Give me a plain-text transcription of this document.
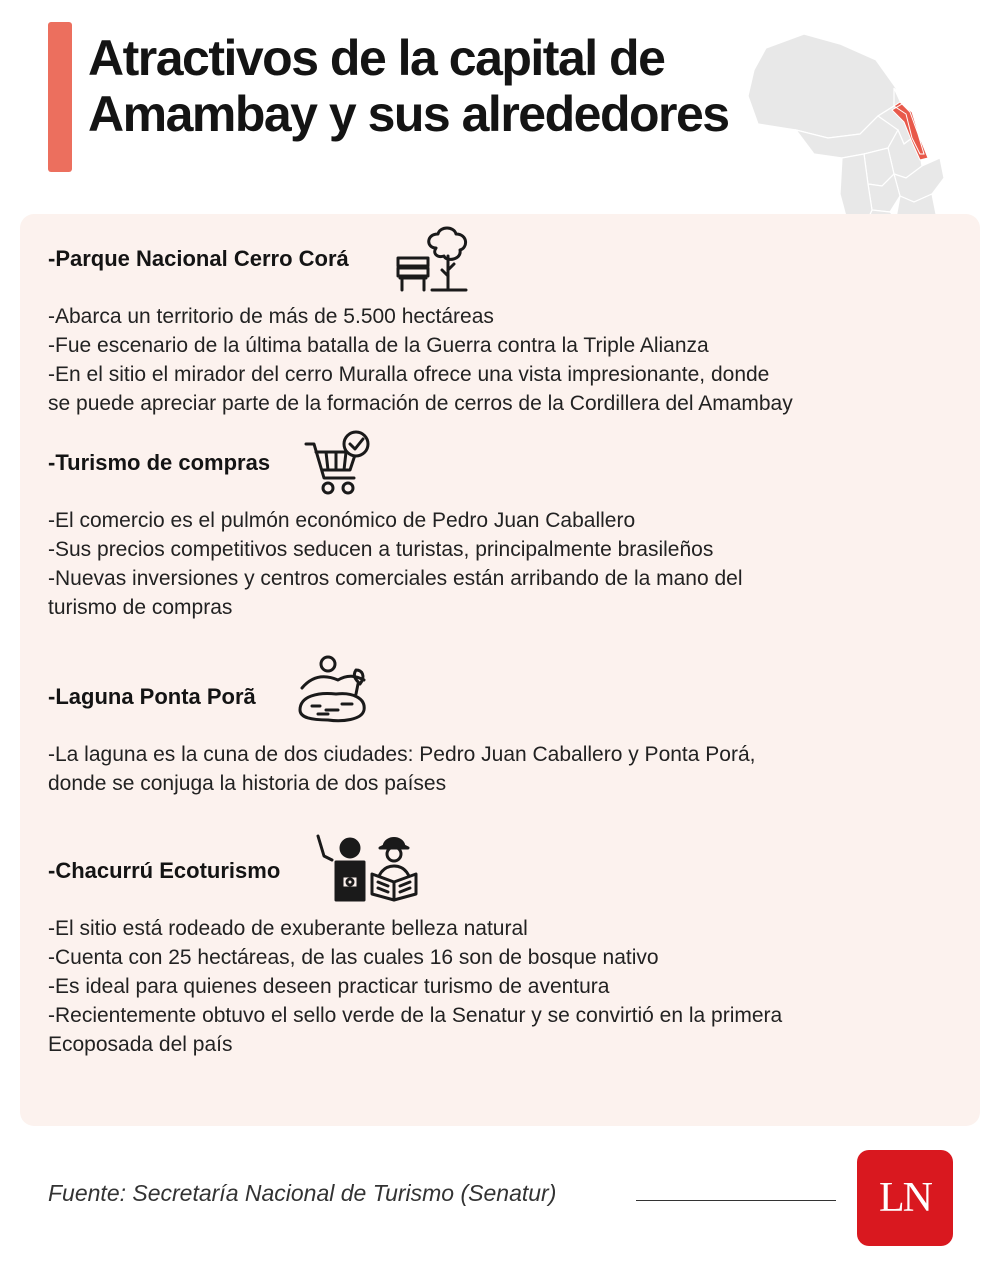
Atractivos de la capital de Amambay y sus alrededores
-Parque Nacional Cerro Corá
-Abarca un territorio de más de 5.500 hectáreas
-Fue escenario de la última batalla de la Guerra contra la Triple Alianza
-En el sitio el mirador del cerro Muralla ofrece una vista impresionante, donde
se puede apreciar parte de la formación de cerros de la Cordillera del Amambay
-Turismo de compras
-El comercio es el pulmón económico de Pedro Juan Caballero
-Sus precios competitivos seducen a turistas, principalmente brasileños
-Nuevas inversiones y centros comerciales están arribando de la mano del
turismo de compras
-Laguna Ponta Porã
-La laguna es la cuna de dos ciudades: Pedro Juan Caballero y Ponta Porá,
donde se conjuga la historia de dos países
-Chacurrú Ecoturismo
-El sitio está rodeado de exuberante belleza natural
-Cuenta con 25 hectáreas, de las cuales 16 son de bosque nativo
-Es ideal para quienes deseen practicar turismo de aventura
-Recientemente obtuvo el sello verde de la Senatur y se convirtió en la primera
Ecoposada del país
Fuente: Secretaría Nacional de Turismo (Senatur)	LN
